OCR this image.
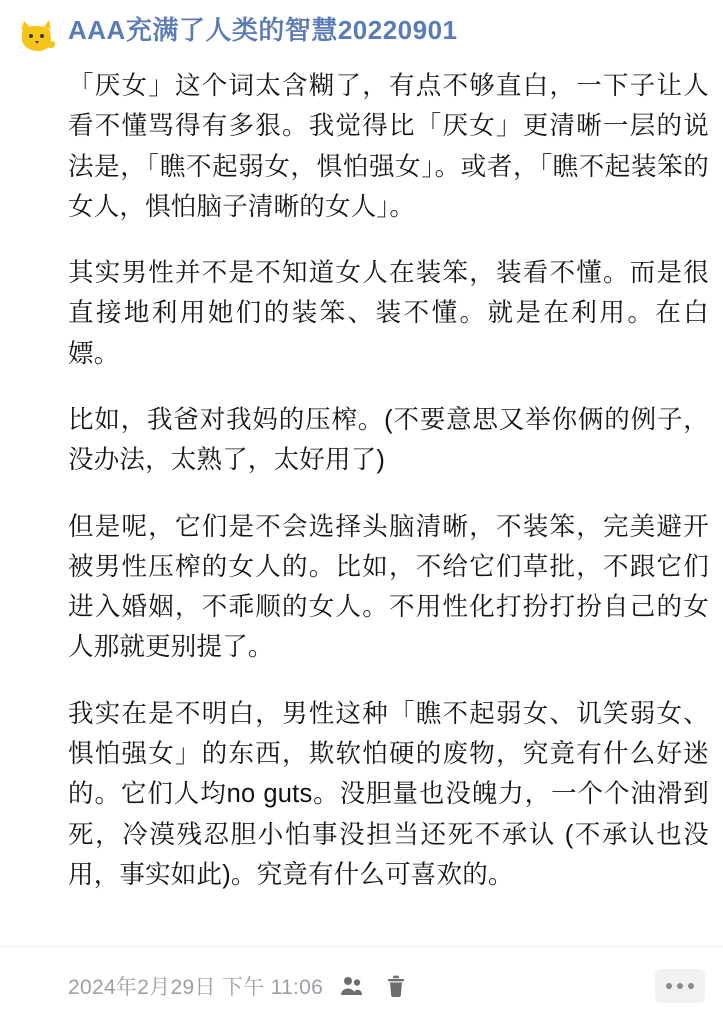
AAA充满了人类的智慧20220901

「厌女」这个词太含糊了，有点不够直白，一下子让人看不懂骂得有多狠。我觉得比「厌女」更清晰一层的说法是，「瞧不起弱女，惧怕强女」。或者，「瞧不起装笨的女人，惧怕脑子清晰的女人」。

其实男性并不是不知道女人在装笨，装看不懂。而是很直接地利用她们的装笨、装不懂。就是在利用。在白嫖。

比如，我爸对我妈的压榨。(不要意思又举你俩的例子，没办法，太熟了，太好用了)

但是呢，它们是不会选择头脑清晰，不装笨，完美避开被男性压榨的女人的。比如，不给它们草批，不跟它们进入婚姻，不乖顺的女人。不用性化打扮打扮自己的女人那就更别提了。

我实在是不明白，男性这种「瞧不起弱女、讥笑弱女、惧怕强女」的东西，欺软怕硬的废物，究竟有什么好迷的。它们人均no guts。没胆量也没魄力，一个个油滑到死，冷漠残忍胆小怕事没担当还死不承认 (不承认也没用，事实如此)。究竟有什么可喜欢的。

2024年2月29日 下午 11:06
